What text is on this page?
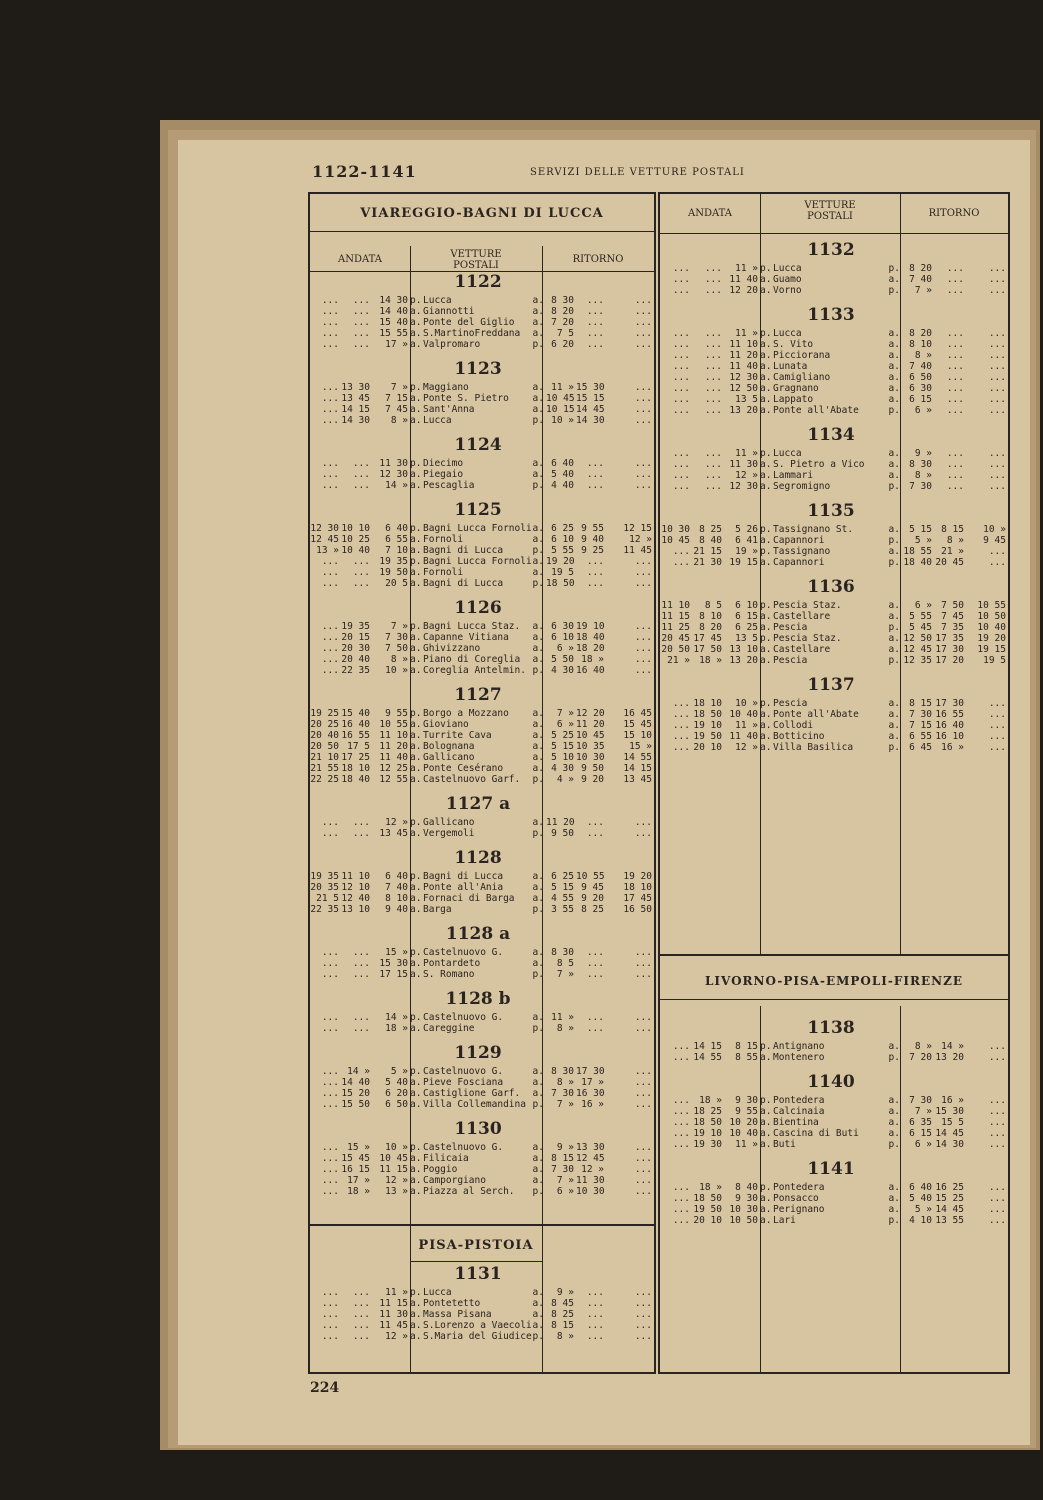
1122-1141	SERVIZI DELLE VETTURE POSTALI
VIAREGGIO-BAGNI DI LUCCA
ANDATA	VETTURE
POSTALI
RITORNO
1122
...	... 14 30 p. Lucca	a. 8 30	...	...
...	... 14 40 a. Giannotti	a. 8 20	...	...
...	... 15 40 a. Ponte del Giglio	a. 7 20	...	...
...	... 15 55 a. S.MartinoFreddana	a.	7 5	...	...
...	...	17 » a. Valpromaro	p. 6 20	...	...
1123
... 13 30	7 » p. Maggiano	a. 11 » 15 30	...
... 13 45	7 15 a. Ponte S. Pietro	a. 10 45 15 15	...
... 14 15	7 45 a. Sant'Anna	a. 10 15 14 45	...
... 14 30	8 » a. Lucca	p. 10 » 14 30	...
1124
...	... 11 30 p. Diecimo	a. 6 40	...	...
...	... 12 30 a. Piegaio	a. 5 40	...	...
...	...	14 » a. Pescaglia	p. 4 40	...	...
1125
12 30 10 10	6 40 p. Bagni Lucca Fornoli a. 6 25 9 55	12 15
12 45 10 25	6 55 a. Fornoli	a. 6 10 9 40	12 »
13 » 10 40	7 10 a. Bagni di Lucca	p. 5 55 9 25	11 45
...	... 19 35 p. Bagni Lucca Fornoli a. 19 20	...	...
...	... 19 50 a. Fornoli	a. 19 5	...	...
...	...	20 5 a. Bagni di Lucca	p. 18 50	...	...
1126
... 19 35	7 » p. Bagni Lucca Staz.	a. 6 30 19 10	...
... 20 15	7 30 a. Capanne Vitiana	a. 6 10 18 40	...
... 20 30	7 50 a. Ghivizzano	a.	6 » 18 20	...
... 20 40	8 » a. Piano di Coreglia	a. 5 50 18 »	...
... 22 35	10 » a. Coreglia Antelmin. p. 4 30 16 40	...
1127
19 25 15 40	9 55 p. Borgo a Mozzano	a.	7 » 12 20	16 45
20 25 16 40 10 55 a. Gioviano	a.	6 » 11 20	15 45
20 40 16 55 11 10 a. Turrite Cava	a. 5 25 10 45	15 10
20 50 17 5 11 20 a. Bolognana	a. 5 15 10 35	15 »
21 10 17 25 11 40 a. Gallicano	a. 5 10 10 30	14 55
21 55 18 10 12 25 a. Ponte Cesérano	a. 4 30 9 50	14 15
22 25 18 40 12 55 a. Castelnuovo Garf.	p.	4 » 9 20	13 45
1127 a
...	...	12 » p. Gallicano	a. 11 20	...	...
...	... 13 45 a. Vergemoli	p. 9 50	...	...
1128
19 35 11 10	6 40 p. Bagni di Lucca	a. 6 25 10 55	19 20
20 35 12 10	7 40 a. Ponte all'Ania	a. 5 15 9 45	18 10
21 5 12 40	8 10 a. Fornaci di Barga	a. 4 55 9 20	17 45
22 35 13 10	9 40 a. Barga	p. 3 55 8 25	16 50
1128 a
...	...	15 » p. Castelnuovo G.	a. 8 30	...	...
...	... 15 30 a. Pontardeto	a.	8 5	...	...
...	... 17 15 a. S. Romano	p.	7 »	...	...
1128 b
...	...	14 » p. Castelnuovo G.	a. 11 »	...	...
...	...	18 » a. Careggine	p.	8 »	...	...
1129
... 14 »	5 » p. Castelnuovo G.	a. 8 30 17 30	...
... 14 40	5 40 a. Pieve Fosciana	a.	8 » 17 »	...
... 15 20	6 20 a. Castiglione Garf.	a. 7 30 16 30	...
... 15 50	6 50 a. Villa Collemandina p.	7 » 16 »	...
1130
... 15 »	10 » p. Castelnuovo G.	a.	9 » 13 30	...
... 15 45 10 45 a. Filicaia	a. 8 15 12 45	...
... 16 15 11 15 a. Poggio	a. 7 30 12 »	...
... 17 »	12 » a. Camporgiano	a.	7 » 11 30	...
... 18 »	13 » a. Piazza al Serch.	p.	6 » 10 30	...
PISA-PISTOIA
1131
...	...	11 » p. Lucca	a.	9 »	...	...
...	... 11 15 a. Pontetetto	a. 8 45	...	...
...	... 11 30 a. Massa Pisana	a. 8 25	...	...
...	... 11 45 a. S.Lorenzo a Vaecoli a. 8 15	...	...
...	...	12 » a. S.Maria del Giudice p.	8 »	...	...
ANDATA
VETTURE
POSTALI	RITORNO
1132
...	...	11 » p. Lucca	p. 8 20	...	...
...	... 11 40 a. Guamo	a. 7 40	...	...
...	... 12 20 a. Vorno	p.	7 »	...	...
1133
...	...	11 » p. Lucca	a. 8 20	...	...
...	... 11 10 a. S. Vito	a. 8 10	...	...
...	... 11 20 a. Picciorana	a.	8 »	...	...
...	... 11 40 a. Lunata	a. 7 40	...	...
...	... 12 30 a. Camigliano	a. 6 50	...	...
...	... 12 50 a. Gragnano	a. 6 30	...	...
...	...	13 5 a. Lappato	a. 6 15	...	...
...	... 13 20 a. Ponte all'Abate	p.	6 »	...	...
1134
...	...	11 » p. Lucca	a.	9 »	...	...
...	... 11 30 a. S. Pietro a Vico	a. 8 30	...	...
...	...	12 » a. Lammari	a.	8 »	...	...
...	... 12 30 a. Segromigno	p. 7 30	...	...
1135
10 30 8 25	5 26 p. Tassignano St.	a. 5 15 8 15	10 »
10 45 8 40	6 41 a. Capannori	p.	5 »	8 »	9 45
... 21 15	19 » p. Tassignano	a. 18 55 21 »	...
... 21 30 19 15 a. Capannori	p. 18 40 20 45	...
1136
11 10	8 5	6 10 p. Pescia Staz.	a.	6 » 7 50	10 55
11 15 8 10	6 15 a. Castellare	a. 5 55 7 45	10 50
11 25 8 20	6 25 a. Pescia	p. 5 45 7 35	10 40
20 45 17 45	13 5 p. Pescia Staz.	a. 12 50 17 35	19 20
20 50 17 50 13 10 a. Castellare	a. 12 45 17 30	19 15
21 » 18 » 13 20 a. Pescia	p. 12 35 17 20	19 5
1137
... 18 10	10 » p. Pescia	a. 8 15 17 30	...
... 18 50 10 40 a. Ponte all'Abate	a. 7 30 16 55	...
... 19 10	11 » a. Collodi	a. 7 15 16 40	...
... 19 50 11 40 a. Botticino	a. 6 55 16 10	...
... 20 10	12 » a. Villa Basilica	p. 6 45 16 »	...
LIVORNO-PISA-EMPOLI-FIRENZE
1138
... 14 15	8 15 p. Antignano	a.	8 » 14 »	...
... 14 55	8 55 a. Montenero	p. 7 20 13 20	...
1140
... 18 »	9 30 p. Pontedera	a. 7 30 16 »	...
... 18 25	9 55 a. Calcinaia	a.	7 » 15 30	...
... 18 50 10 20 a. Bientina	a. 6 35 15 5	...
... 19 10 10 40 a. Cascina di Buti	a. 6 15 14 45	...
... 19 30	11 » a. Buti	p.	6 » 14 30	...
1141
... 18 »	8 40 p. Pontedera	a. 6 40 16 25	...
... 18 50	9 30 a. Ponsacco	a. 5 40 15 25	...
... 19 50 10 30 a. Perignano	a.	5 » 14 45	...
... 20 10 10 50 a. Lari	p. 4 10 13 55	...
224
